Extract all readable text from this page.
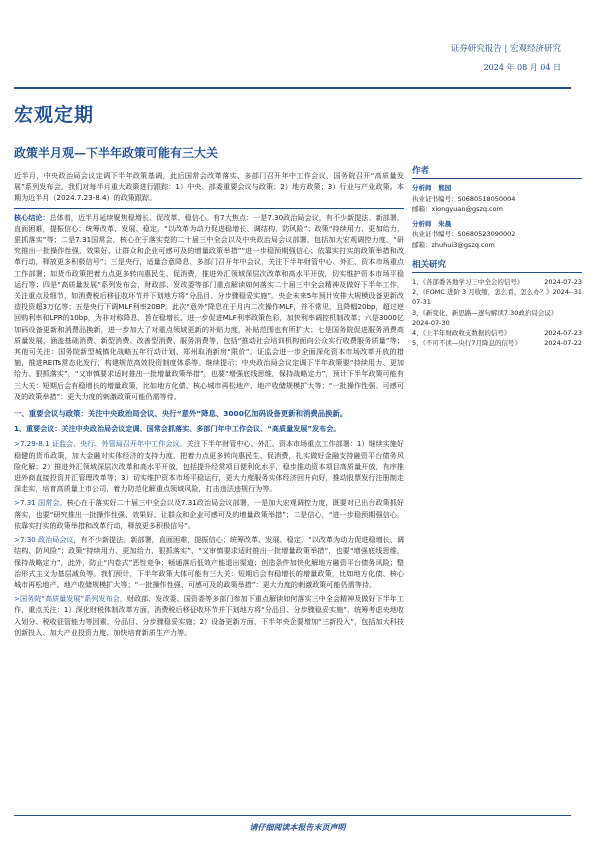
证券研究报告 | 宏观经济研究
2024 年 08 月 04 日
宏观定期
政策半月观—下半年政策可能有三大关

近半月，中央政治局会议定调下半年政策基调，此后国常会改革落实、多部门召开年中工作会议，国务院召开“高质量发展”系列发布会。我们对每半月重大政策进行跟踪：1）中央、部委重要会议与政策；2）地方政策；3）行业与产业政策。本期为近半月（2024.7.23-8.4）的政策跟踪。

核心结论：总体看，近半月延续聚焦稳增长、促改革、稳信心。有7大焦点：一是7.30政治局会议，有不少新提法、新部署，直面困难，提振信心；统筹改革、发展、稳定，“以改革为动力促进稳增长、调结构、防风险”；政策“持续用力、更加给力，狠抓落实”等；二是7.31国常会，核心在于落实党的二十届三中全会以及中央政治局会议部署，包括加大宏观调控力度、“研究推出一批操作性强、效果好、让群众和企业可感可及的增量政策举措”“进一步稳预期强信心；依靠实打实的政策举措和改革行动，释放更多积极信号”；三是央行，适量合意降息、多部门召开年中会议，关注下半年财管中心、外汇、资本市场重点工作部署；如货币政策把着力点更多转向惠民生、促消费，推进外汇领域深层次改革和高水平开放，切实维护资本市场平稳运行等；四是“高质量发展”系列发布会，财政部、发改委等部门重点解读如何落实二十届三中全会精神及做好下半年工作，关注重点及细节，如消费税后移征收环节并下划地方将“分品目、分步骤稳妥实施”。央企未来5年预计安排大规模设备更新改造投资超3万亿等；五是央行下调MLF利率20BP。此次“意外”降息在于月内二次操作MLF，并不常见，且降幅20bp，超过逆回购利率和LPR的10bp，为非对称降息，旨在稳增长、进一步促进MLF利率政策色彩，加快利率调控机制改革；六是3000亿加码设备更新和消费品换新，进一步加大了对重点领域更新的补贴力度，补贴范围也有所扩大；七是国务院促进服务消费高质量发展，涵盖基础消费、新型消费、改善型消费、服务消费等，包括“推动社会培训机构面向公众实行收费服务质量”等；其他可关注：国务院新型城镇化战略五年行动计划、郑州取消新房“限价”，证监会进一步全面深化资本市场改革开放的措施，推进REITs常态化发行，构建规范高效投资制度体系等。继续提示：中央政治局会议定调下半年政策要“持续用力、更加给力、狠抓落实”，“又审慎要求适时推出一批增量政策举措”，也要“增强底线思维，保持战略定力”，预计下半年政策可能有三大关：短期后会有稳增长的增量政策，比如地方化债、核心城市再松地产、地产收储规模扩大等；“一批操作性强、可感可及的政策举措”：更大力度的刺激政策可能仍需等待。

一、重要会议与政策：关注中央政治局会议、央行“意外”降息、3000亿加码设备更新和消费品换新。
1、重要会议：关注中央政治局会议定调、国常会抓落实、多部门年中工作会议、“高质量发展”发布会。

>7.29-8.1 证监会、央行、外管局召开年中工作会议。关注下半年财管中心、外汇、资本市场重点工作部署：1）继续实施好稳健的货币政策，加大金融对实体经济的支持力度，把着力点更多转向惠民生、促消费，扎实做好金融支持融资平台债务风险化解；2）推进外汇领域深层次改革和高水平开放，包括提升经常项目便利化水平，稳步推动资本项目高质量开放，有序推进外商直接投资并汇管理改革等；3）切实维护资本市场平稳运行，更大力度服务实体经济回升向好，推动股票发行注册制走深走实，培育高质量上市公司，着力防范化解重点领域风险，打击违法违规行为等。

>7.31 国常会。核心在于落实好二十届三中全会以及7.31政治局会议部署，一是加大宏观调控力度，既要对已出台政策抓好落实，也要“研究推出一批操作性强、效果好、让群众和企业可感可及的增量政策举措”；二是信心，“进一步稳预期强信心，依靠实打实的政策举措和改革行动，释放更多积极信号”。

>7.30 政治局会议，有不少新提法、新部署，直面困难，提振信心；统筹改革、发展、稳定，“以改革为动力促进稳增长、调结构、防风险”；政策“持续用力、更加给力，狠抓落实”、“又审慎要求适时推出一批增量政策举措”，也要“增强底线思维，保持战略定力”，此外，防止“内卷式”恶性竞争；畅通落后低效产能退出渠道；创造条件加快化解地方融资平台债务风险；整治形式主义为基层减负等。我们预计，下半年政策大体可能有三大关：短期后会有稳增长的增量政策，比如地方化债、核心城市再松地产、地产收储规模扩大等；“一批操作性强、可感可及的政策举措”：更大力度的刺激政策可能仍需等待。

>国务院“高质量发展”系列发布会，财政部、发改委、国资委等多部门参加下重点解读如何落实三中全会精神及做好下半年工作，重点关注：1）深化财税体制改革方面，消费税后移征收环节并下划地方将“分品目、分步骤稳妥实施”，统筹考虑央地收入划分、税收征管能力等因素，分品目、分步骤稳妥实施；2）设备更新方面，下半年央企要增加“三新投入”，包括加大科技创新投入、加大产业投资力度、加快培育新质生产力等。

作者
分析师 熊园
执业证书编号：S0680518050004
邮箱：xiongyuan@gszq.com
分析师 朱晨
执业证书编号：S0680523090002
邮箱：zhuhui3@gszq.com
相关研究
1、《各部委各地学习三中全会的信号》	2024-07-23
2、《FOMC 进阶 3 月收缩，怎么看、怎么办？》 2024--31
07-31
3、《新变化、新思路—逐句解读7.30政治局会议》
2024-07-30
4、《上半年财政收支数据的信号》	2024-07-23
5、《不可不读—央行7月降息的信号》	2024-07-22
请仔细阅读本报告末页声明
